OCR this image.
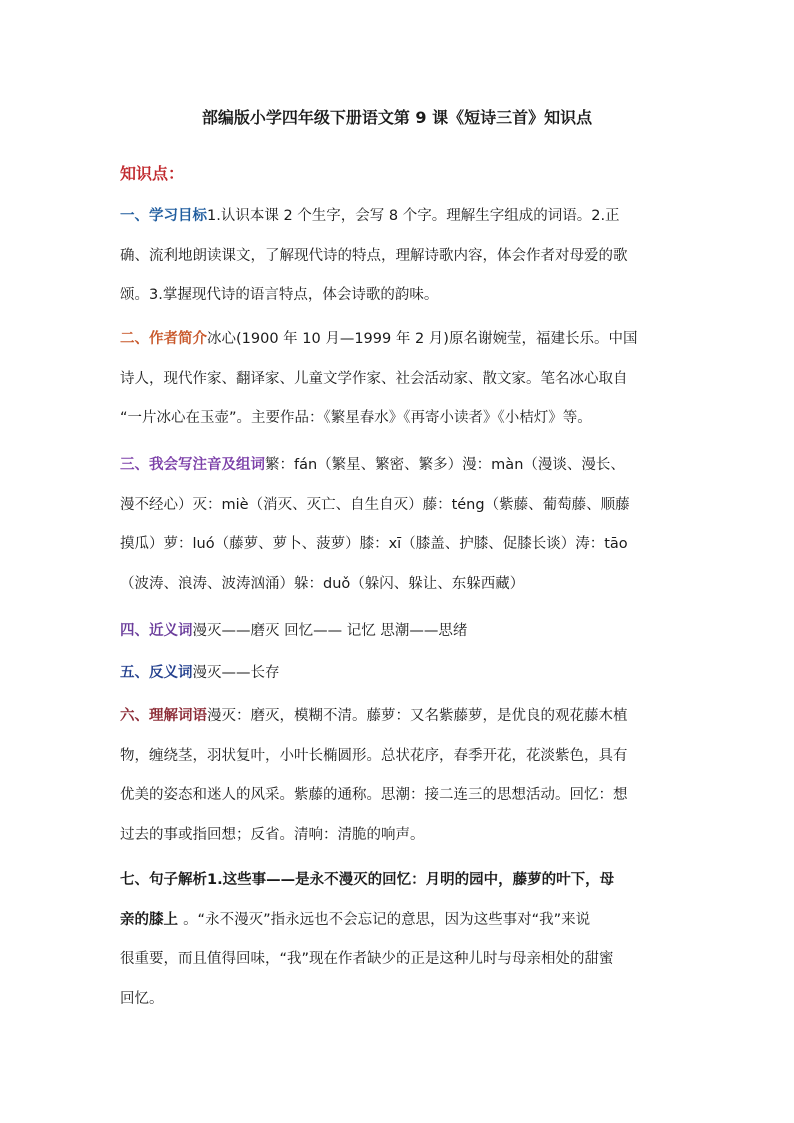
部编版小学四年级下册语文第 9 课《短诗三首》知识点
知识点：
一、学习目标1.认识本课 2 个生字，会写 8 个字。理解生字组成的词语。2.正
确、流利地朗读课文，了解现代诗的特点，理解诗歌内容，体会作者对母爱的歌
颂。3.掌握现代诗的语言特点，体会诗歌的韵味。
二、作者简介冰心(1900 年 10 月—1999 年 2 月)原名谢婉莹，福建长乐。中国
诗人，现代作家、翻译家、儿童文学作家、社会活动家、散文家。笔名冰心取自
“一片冰心在玉壶”。主要作品：《繁星春水》《再寄小读者》《小桔灯》等。
三、我会写注音及组词繁：fán（繁星、繁密、繁多）漫：màn（漫谈、漫长、
漫不经心）灭：miè（消灭、灭亡、自生自灭）藤：téng（紫藤、葡萄藤、顺藤
摸瓜）萝：luó（藤萝、萝卜、菠萝）膝：xī（膝盖、护膝、促膝长谈）涛：tāo
（波涛、浪涛、波涛汹涌）躲：duǒ（躲闪、躲让、东躲西藏）
四、近义词漫灭——磨灭 回忆—— 记忆 思潮——思绪
五、反义词漫灭——长存
六、理解词语漫灭：磨灭，模糊不清。藤萝：又名紫藤萝，是优良的观花藤木植
物，缠绕茎，羽状复叶，小叶长椭圆形。总状花序，春季开花，花淡紫色，具有
优美的姿态和迷人的风采。紫藤的通称。思潮：接二连三的思想活动。回忆：想
过去的事或指回想；反省。清响：清脆的响声。
七、句子解析1.这些事——是永不漫灭的回忆：月明的园中，藤萝的叶下，母
亲的膝上 。“永不漫灭”指永远也不会忘记的意思，因为这些事对“我”来说
很重要，而且值得回味，“我”现在作者缺少的正是这种儿时与母亲相处的甜蜜
回忆。
